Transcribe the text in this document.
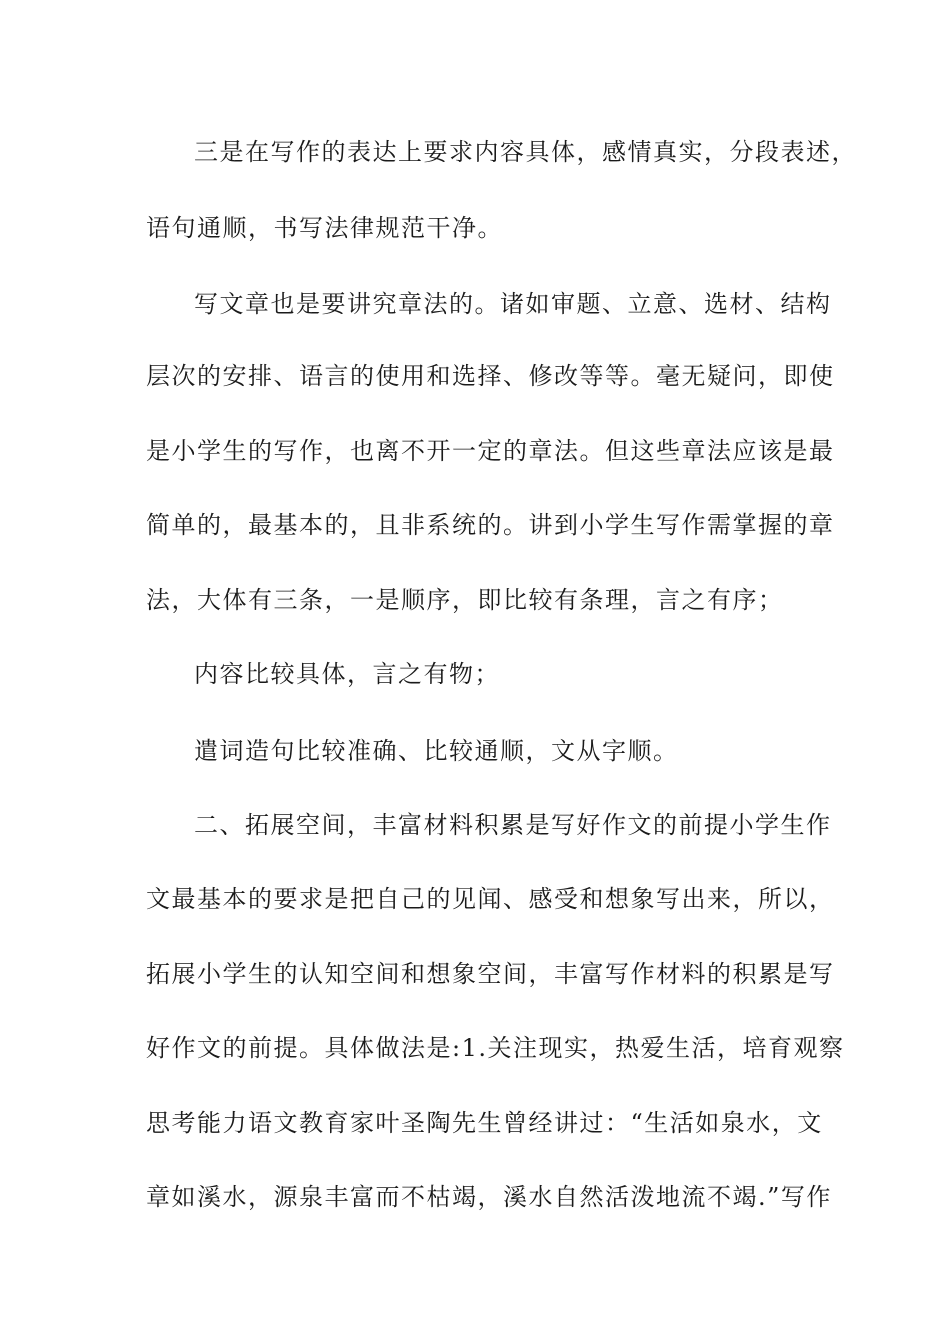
三是在写作的表达上要求内容具体，感情真实，分段表述，
语句通顺，书写法律规范干净。
写文章也是要讲究章法的。诸如审题、立意、选材、结构
层次的安排、语言的使用和选择、修改等等。毫无疑问，即使
是小学生的写作，也离不开一定的章法。但这些章法应该是最
简单的，最基本的，且非系统的。讲到小学生写作需掌握的章
法，大体有三条，一是顺序，即比较有条理，言之有序；
内容比较具体，言之有物；
遣词造句比较准确、比较通顺，文从字顺。
二、拓展空间，丰富材料积累是写好作文的前提小学生作
文最基本的要求是把自己的见闻、感受和想象写出来，所以，
拓展小学生的认知空间和想象空间，丰富写作材料的积累是写
好作文的前提。具体做法是:1.关注现实，热爱生活，培育观察
思考能力语文教育家叶圣陶先生曾经讲过：“生活如泉水，文
章如溪水，源泉丰富而不枯竭，溪水自然活泼地流不竭.”写作
